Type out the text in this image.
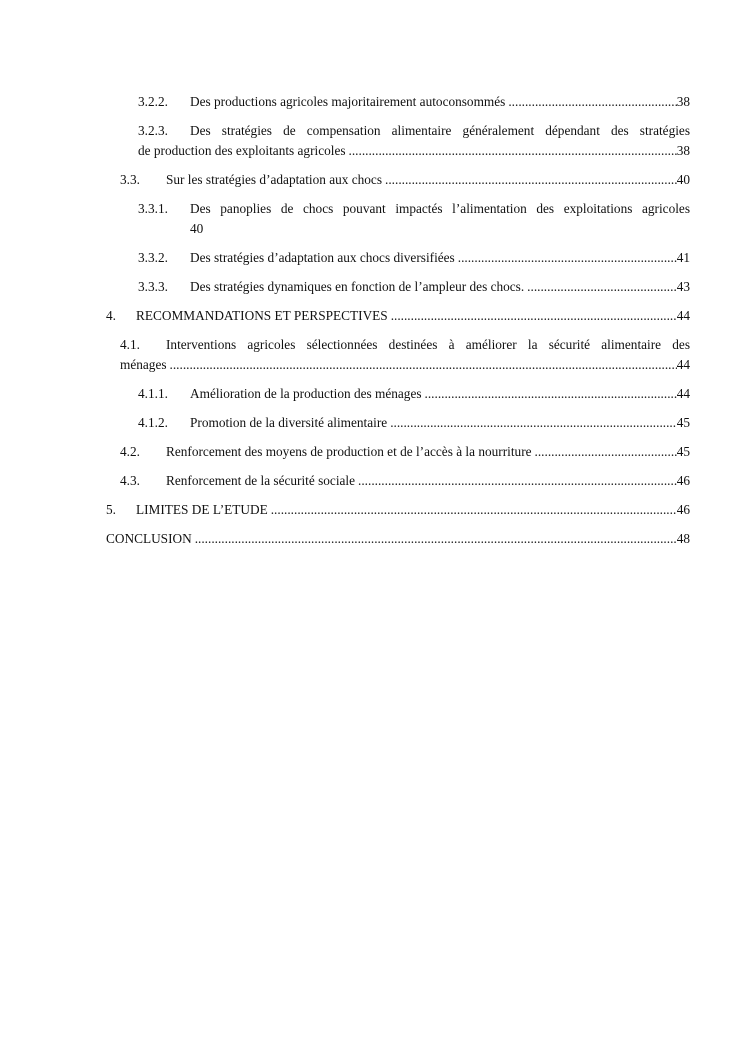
3.2.2.	Des productions agricoles majoritairement autoconsommés .....	38
3.2.3.	Des stratégies de compensation alimentaire généralement dépendant des stratégies
de production des exploitants agricoles .....	38
3.3.	Sur les stratégies d’adaptation aux chocs .....	40
3.3.1.	Des panoplies de chocs pouvant impactés l’alimentation des exploitations agricoles
40
3.3.2.	Des stratégies d’adaptation aux chocs diversifiées .....	41
3.3.3.	Des stratégies dynamiques en fonction de l’ampleur des chocs. .....	43
4.	RECOMMANDATIONS ET PERSPECTIVES .....	44
4.1.	Interventions agricoles sélectionnées destinées à améliorer la sécurité alimentaire des
ménages .....	44
4.1.1.	Amélioration de la production des ménages .....	44
4.1.2.	Promotion de la diversité alimentaire .....	45
4.2.	Renforcement des moyens de production et de l’accès à la nourriture .....	45
4.3.	Renforcement de la sécurité sociale .....	46
5.	LIMITES DE L’ETUDE .....	46
CONCLUSION .....	48
